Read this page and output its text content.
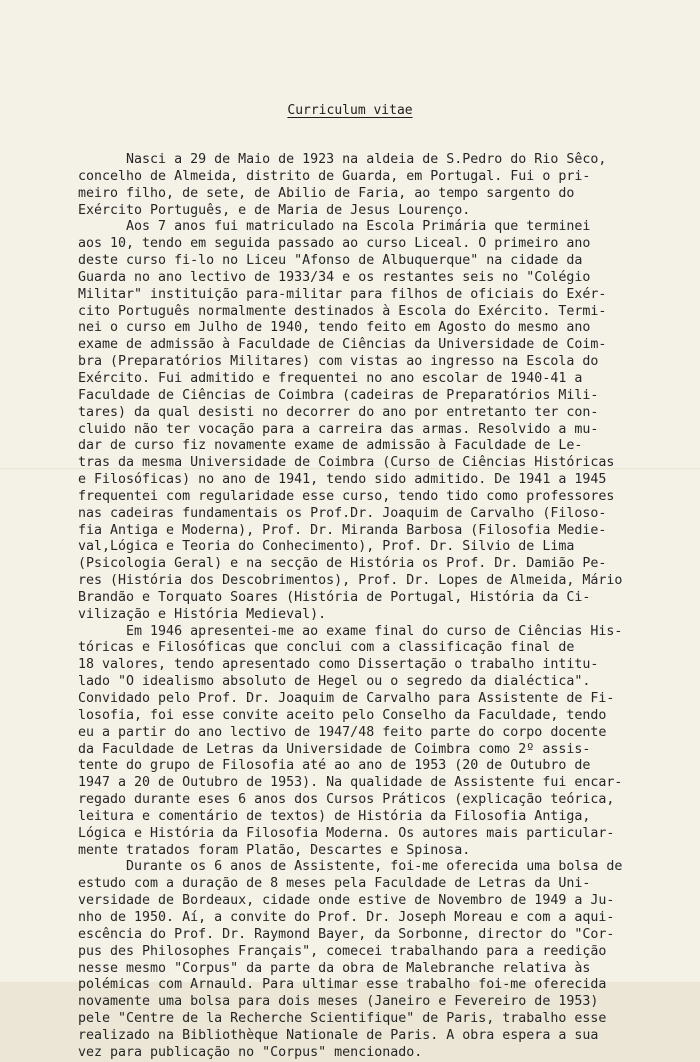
Curriculum vitae
Nasci a 29 de Maio de 1923 na aldeia de S.Pedro do Rio Sêco,
concelho de Almeida, distrito de Guarda, em Portugal. Fui o pri-
meiro filho, de sete, de Abilio de Faria, ao tempo sargento do
Exército Português, e de Maria de Jesus Lourenço.
Aos 7 anos fui matriculado na Escola Primária que terminei
aos 10, tendo em seguida passado ao curso Liceal. O primeiro ano
deste curso fi-lo no Liceu "Afonso de Albuquerque" na cidade da
Guarda no ano lectivo de 1933/34 e os restantes seis no "Colégio
Militar" instituição para-militar para filhos de oficiais do Exér-
cito Português normalmente destinados à Escola do Exército. Termi-
nei o curso em Julho de 1940, tendo feito em Agosto do mesmo ano
exame de admissão à Faculdade de Ciências da Universidade de Coim-
bra (Preparatórios Militares) com vistas ao ingresso na Escola do
Exército. Fui admitido e frequentei no ano escolar de 1940-41 a
Faculdade de Ciências de Coimbra (cadeiras de Preparatórios Mili-
tares) da qual desisti no decorrer do ano por entretanto ter con-
cluido não ter vocação para a carreira das armas. Resolvido a mu-
dar de curso fiz novamente exame de admissão à Faculdade de Le-
tras da mesma Universidade de Coimbra (Curso de Ciências Históricas
e Filosóficas) no ano de 1941, tendo sido admitido. De 1941 a 1945
frequentei com regularidade esse curso, tendo tido como professores
nas cadeiras fundamentais os Prof.Dr. Joaquim de Carvalho (Filoso-
fia Antiga e Moderna), Prof. Dr. Miranda Barbosa (Filosofia Medie-
val,Lógica e Teoria do Conhecimento), Prof. Dr. Silvio de Lima
(Psicologia Geral) e na secção de História os Prof. Dr. Damião Pe-
res (História dos Descobrimentos), Prof. Dr. Lopes de Almeida, Mário
Brandão e Torquato Soares (História de Portugal, História da Ci-
vilização e História Medieval).
Em 1946 apresentei-me ao exame final do curso de Ciências His-
tóricas e Filosóficas que conclui com a classificação final de
18 valores, tendo apresentado como Dissertação o trabalho intitu-
lado "O idealismo absoluto de Hegel ou o segredo da dialéctica".
Convidado pelo Prof. Dr. Joaquim de Carvalho para Assistente de Fi-
losofia, foi esse convite aceito pelo Conselho da Faculdade, tendo
eu a partir do ano lectivo de 1947/48 feito parte do corpo docente
da Faculdade de Letras da Universidade de Coimbra como 2º assis-
tente do grupo de Filosofia até ao ano de 1953 (20 de Outubro de
1947 a 20 de Outubro de 1953). Na qualidade de Assistente fui encar-
regado durante eses 6 anos dos Cursos Práticos (explicação teórica,
leitura e comentário de textos) de História da Filosofia Antiga,
Lógica e História da Filosofia Moderna. Os autores mais particular-
mente tratados foram Platão, Descartes e Spinosa.
Durante os 6 anos de Assistente, foi-me oferecida uma bolsa de
estudo com a duração de 8 meses pela Faculdade de Letras da Uni-
versidade de Bordeaux, cidade onde estive de Novembro de 1949 a Ju-
nho de 1950. Aí, a convite do Prof. Dr. Joseph Moreau e com a aqui-
escência do Prof. Dr. Raymond Bayer, da Sorbonne, director do "Cor-
pus des Philosophes Français", comecei trabalhando para a reedição
nesse mesmo "Corpus" da parte da obra de Malebranche relativa às
polémicas com Arnauld. Para ultimar esse trabalho foi-me oferecida
novamente uma bolsa para dois meses (Janeiro e Fevereiro de 1953)
pele "Centre de la Recherche Scientifique" de Paris, trabalho esse
realizado na Bibliothèque Nationale de Paris. A obra espera a sua
vez para publicação no "Corpus" mencionado.
